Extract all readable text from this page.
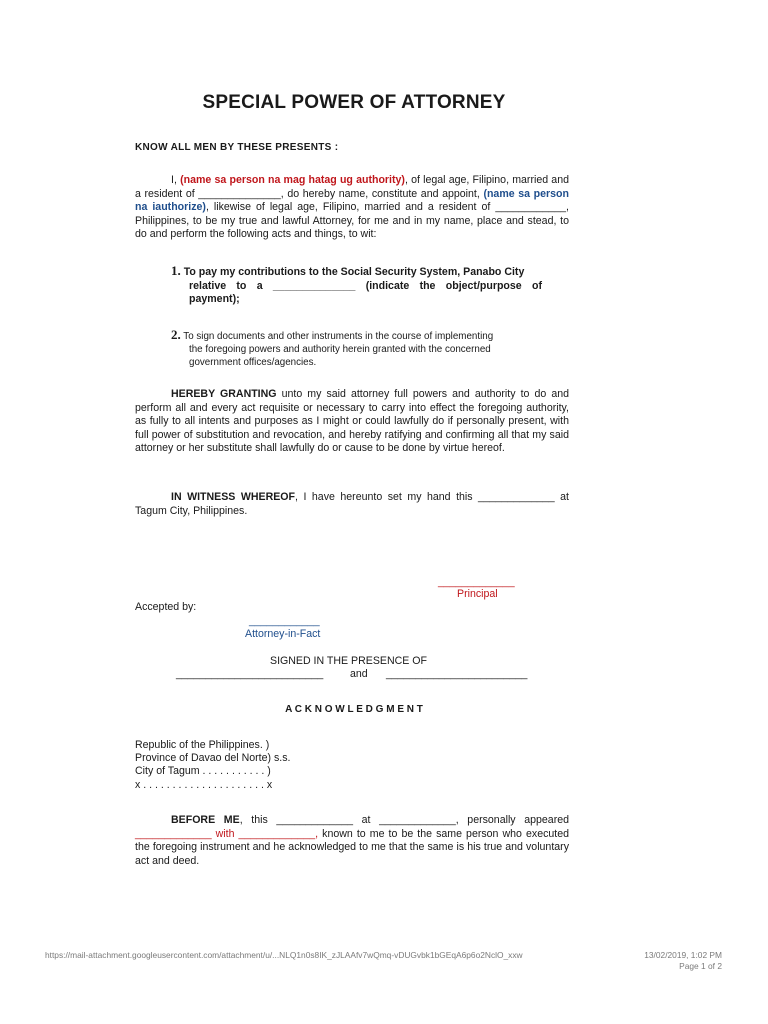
SPECIAL POWER OF ATTORNEY
KNOW ALL MEN BY THESE PRESENTS :
I, (name sa person na mag hatag ug authority), of legal age, Filipino, married and a resident of ______________, do hereby name, constitute and appoint, (name sa person na iauthorize), likewise of legal age, Filipino, married and a resident of ____________, Philippines, to be my true and lawful Attorney, for me and in my name, place and stead, to do and perform the following acts and things, to wit:
1. To pay my contributions to the Social Security System, Panabo City
relative to a ______________ (indicate the object/purpose of payment);
2. To sign documents and other instruments in the course of implementing
the foregoing powers and authority herein granted with the concerned government offices/agencies.
HEREBY GRANTING unto my said attorney full powers and authority to do and perform all and every act requisite or necessary to carry into effect the foregoing authority, as fully to all intents and purposes as I might or could lawfully do if personally present, with full power of substitution and revocation, and hereby ratifying and confirming all that my said attorney or her substitute shall lawfully do or cause to be done by virtue hereof.
IN WITNESS WHEREOF, I have hereunto set my hand this _____________ at Tagum City, Philippines.
_____________
Principal
Accepted by:
____________
Attorney-in-Fact
SIGNED IN THE PRESENCE OF
_________________________	and ________________________
A C K N O W L E D G M E N T
Republic of the Philippines. )
Province of Davao del Norte) s.s.
City of Tagum . . . . . . . . . . . )
x . . . . . . . . . . . . . . . . . . . . . x
BEFORE ME, this _____________ at _____________, personally appeared _____________ with _____________, known to me to be the same person who executed the foregoing instrument and he acknowledged to me that the same is his true and voluntary act and deed.
https://mail-attachment.googleusercontent.com/attachment/u/...NLQ1n0s8IK_zJLAAfv7wQmq-vDUGvbk1bGEqA6p6o2NclO_xxw	13/02/2019, 1:02 PM
Page 1 of 2
